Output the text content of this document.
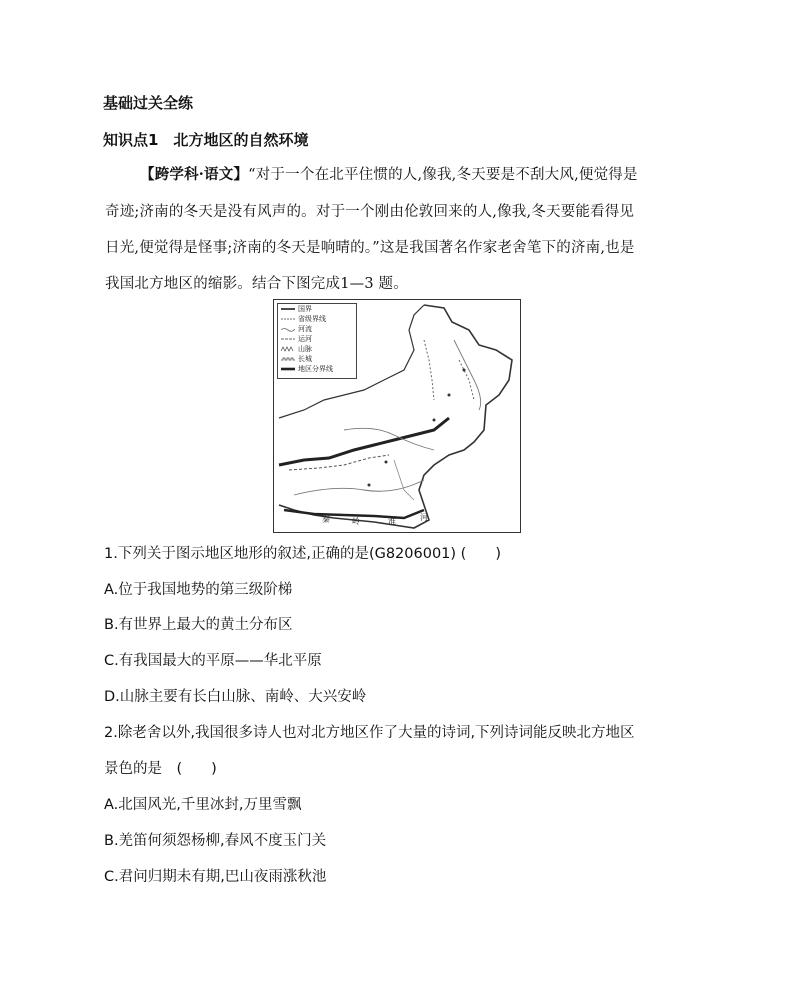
基础过关全练
知识点1　北方地区的自然环境
【跨学科·语文】“对于一个在北平住惯的人,像我,冬天要是不刮大风,便觉得是
奇迹;济南的冬天是没有风声的。对于一个刚由伦敦回来的人,像我,冬天要能看得见
日光,便觉得是怪事;济南的冬天是响晴的。”这是我国著名作家老舍笔下的济南,也是
我国北方地区的缩影。结合下图完成1—3 题。
国界
省级界线
河流
运河
山脉
长城
地区分界线
秦	岭	淮	河
1.下列关于图示地区地形的叙述,正确的是(G8206001) (　　)
A.位于我国地势的第三级阶梯
B.有世界上最大的黄土分布区
C.有我国最大的平原——华北平原
D.山脉主要有长白山脉、南岭、大兴安岭
2.除老舍以外,我国很多诗人也对北方地区作了大量的诗词,下列诗词能反映北方地区
景色的是　(　　)
A.北国风光,千里冰封,万里雪飘
B.羌笛何须怨杨柳,春风不度玉门关
C.君问归期未有期,巴山夜雨涨秋池
